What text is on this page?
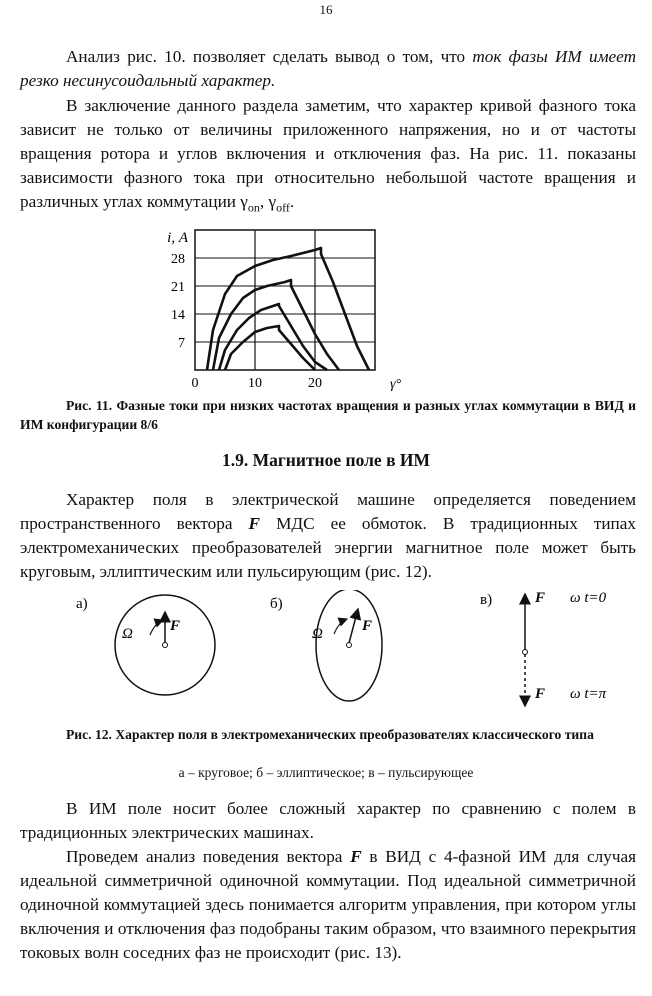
16

Анализ рис. 10. позволяет сделать вывод о том, что ток фазы ИМ имеет резко несинусоидальный характер.

В заключение данного раздела заметим, что характер кривой фазного тока зависит не только от величины приложенного напряжения, но и от частоты вращения ротора и углов включения и отключения фаз. На рис. 11. показаны зависимости фазного тока при относительно небольшой частоте вращения и различных углах коммутации $\gamma_{on}$, $\gamma_{off}$.

7
14
21
28
0	10	20
i, А
γ°

Рис. 11. Фазные токи при низких частотах вращения и разных углах коммутации в ВИД и ИМ конфигурации 8/6

1.9. Магнитное поле в ИМ

Характер поля в электрической машине определяется поведением пространственного вектора F МДС ее обмоток. В традиционных типах электромеханических преобразователей энергии магнитное поле может быть круговым, эллиптическим или пульсирующим (рис. 12).

а)
Ω F
б)
Ω	F
в)	F ω t=0
F ω t=π

Рис. 12. Характер поля в электромеханических преобразователях классического типа

а – круговое; б – эллиптическое; в – пульсирующее

В ИМ поле носит более сложный характер по сравнению с полем в традиционных электрических машинах.

Проведем анализ поведения вектора F в ВИД с 4-фазной ИМ для случая идеальной симметричной одиночной коммутации. Под идеальной симметричной одиночной коммутацией здесь понимается алгоритм управления, при котором углы включения и отключения фаз подобраны таким образом, что взаимного перекрытия токовых волн соседних фаз не происходит (рис. 13).
